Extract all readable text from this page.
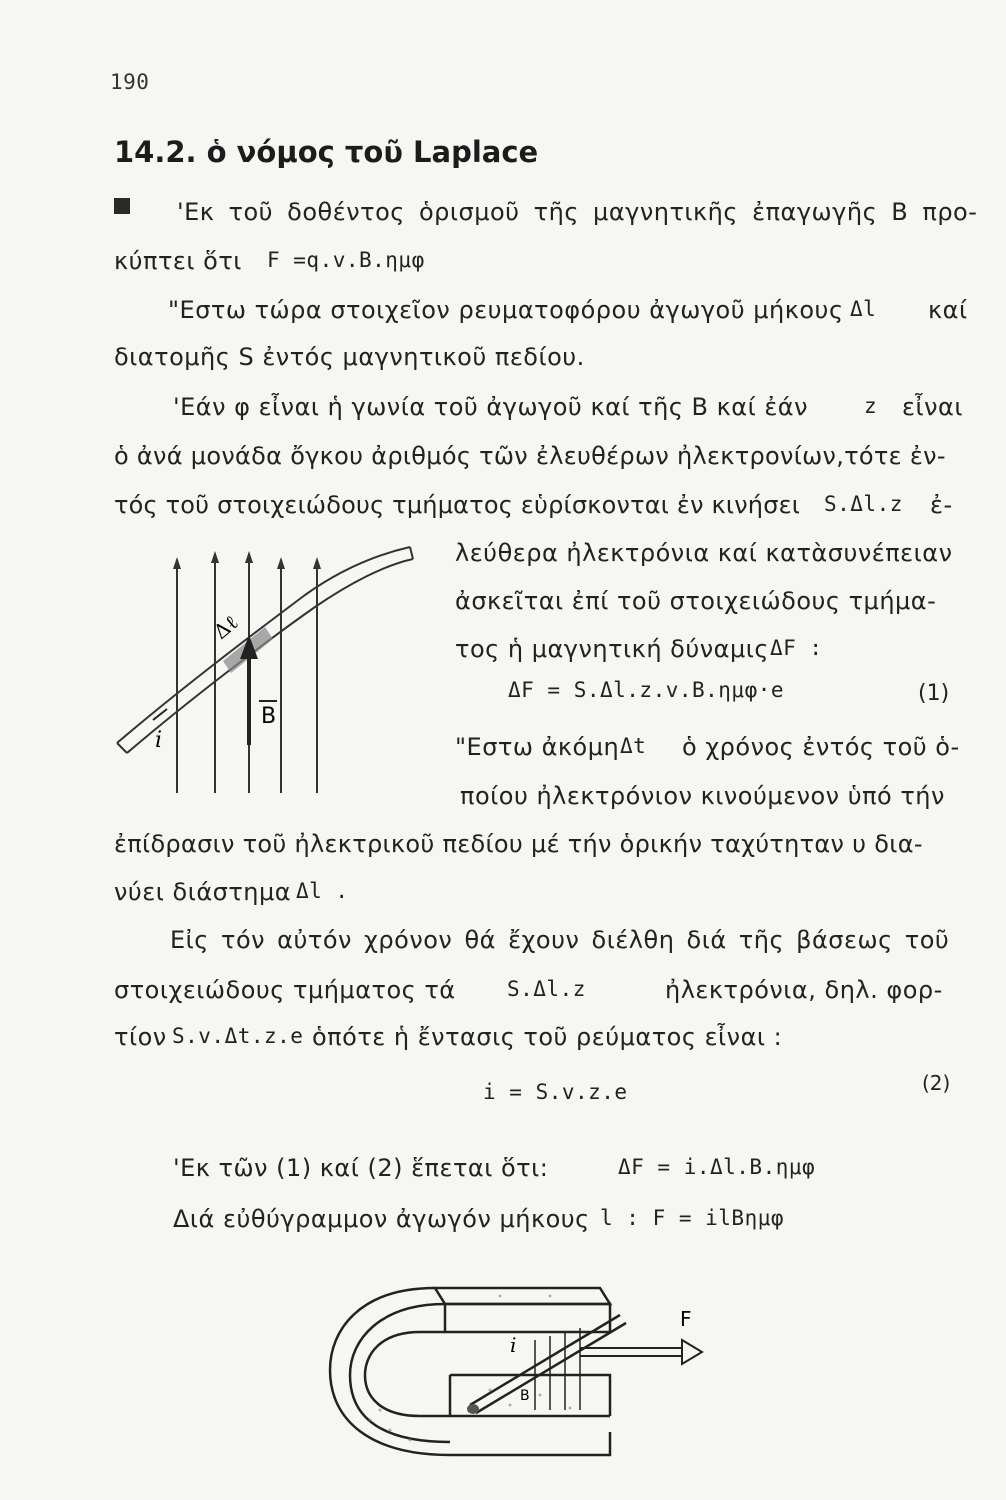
190
14.2. ὁ νόμος τοῦ Laplace
'Εκ τοῦ δοθέντος ὁρισμοῦ τῆς μαγνητικῆς ἐπαγωγῆς Β προ-
κύπτει ὅτι F =q.v.B.ημφ
"Εστω τώρα στοιχεῖον ρευματοφόρου ἀγωγοῦ μήκους Δl καί
διατομῆς S ἐντός μαγνητικοῦ πεδίου.
'Εάν φ εἶναι ἡ γωνία τοῦ ἀγωγοῦ καί τῆς Β καί ἐάν	z εἶναι
ὁ ἀνά μονάδα ὄγκου ἀριθμός τῶν ἐλευθέρων ἠλεκτρονίων,τότε ἐν-
τός τοῦ στοιχειώδους τμήματος εὑρίσκονται ἐν κινήσει S.Δl.z ἐ-
λεύθερα ἠλεκτρόνια καί κατὰσυνέπειαν
ἀσκεῖται ἐπί τοῦ στοιχειώδους τμήμα-
τος ἡ μαγνητική δύναμις ΔF :
ΔF = S.Δl.z.v.B.ημφ·e	(1)
"Εστω ἀκόμη Δt ὁ χρόνος ἐντός τοῦ ὁ-
ποίου ἠλεκτρόνιον κινούμενον ὑπό τήν
ἐπίδρασιν τοῦ ἠλεκτρικοῦ πεδίου μέ τήν ὁρικήν ταχύτηταν υ δια-
νύει διάστημα Δl .
Εἰς τόν αὐτόν χρόνον θά ἔχουν διέλθη διά τῆς βάσεως τοῦ
στοιχειώδους τμήματος τά S.Δl.z	ἠλεκτρόνια, δηλ. φορ-
τίον S.v.Δt.z.e ὁπότε ἡ ἔντασις τοῦ ρεύματος εἶναι :
i = S.v.z.e	(2)
'Εκ τῶν (1) καί (2) ἕπεται ὅτι:	ΔF = i.Δl.B.ημφ
Διά εὐθύγραμμον ἀγωγόν μήκους l : F = ilBημφ
Δℓ
i
B
F
i
B
